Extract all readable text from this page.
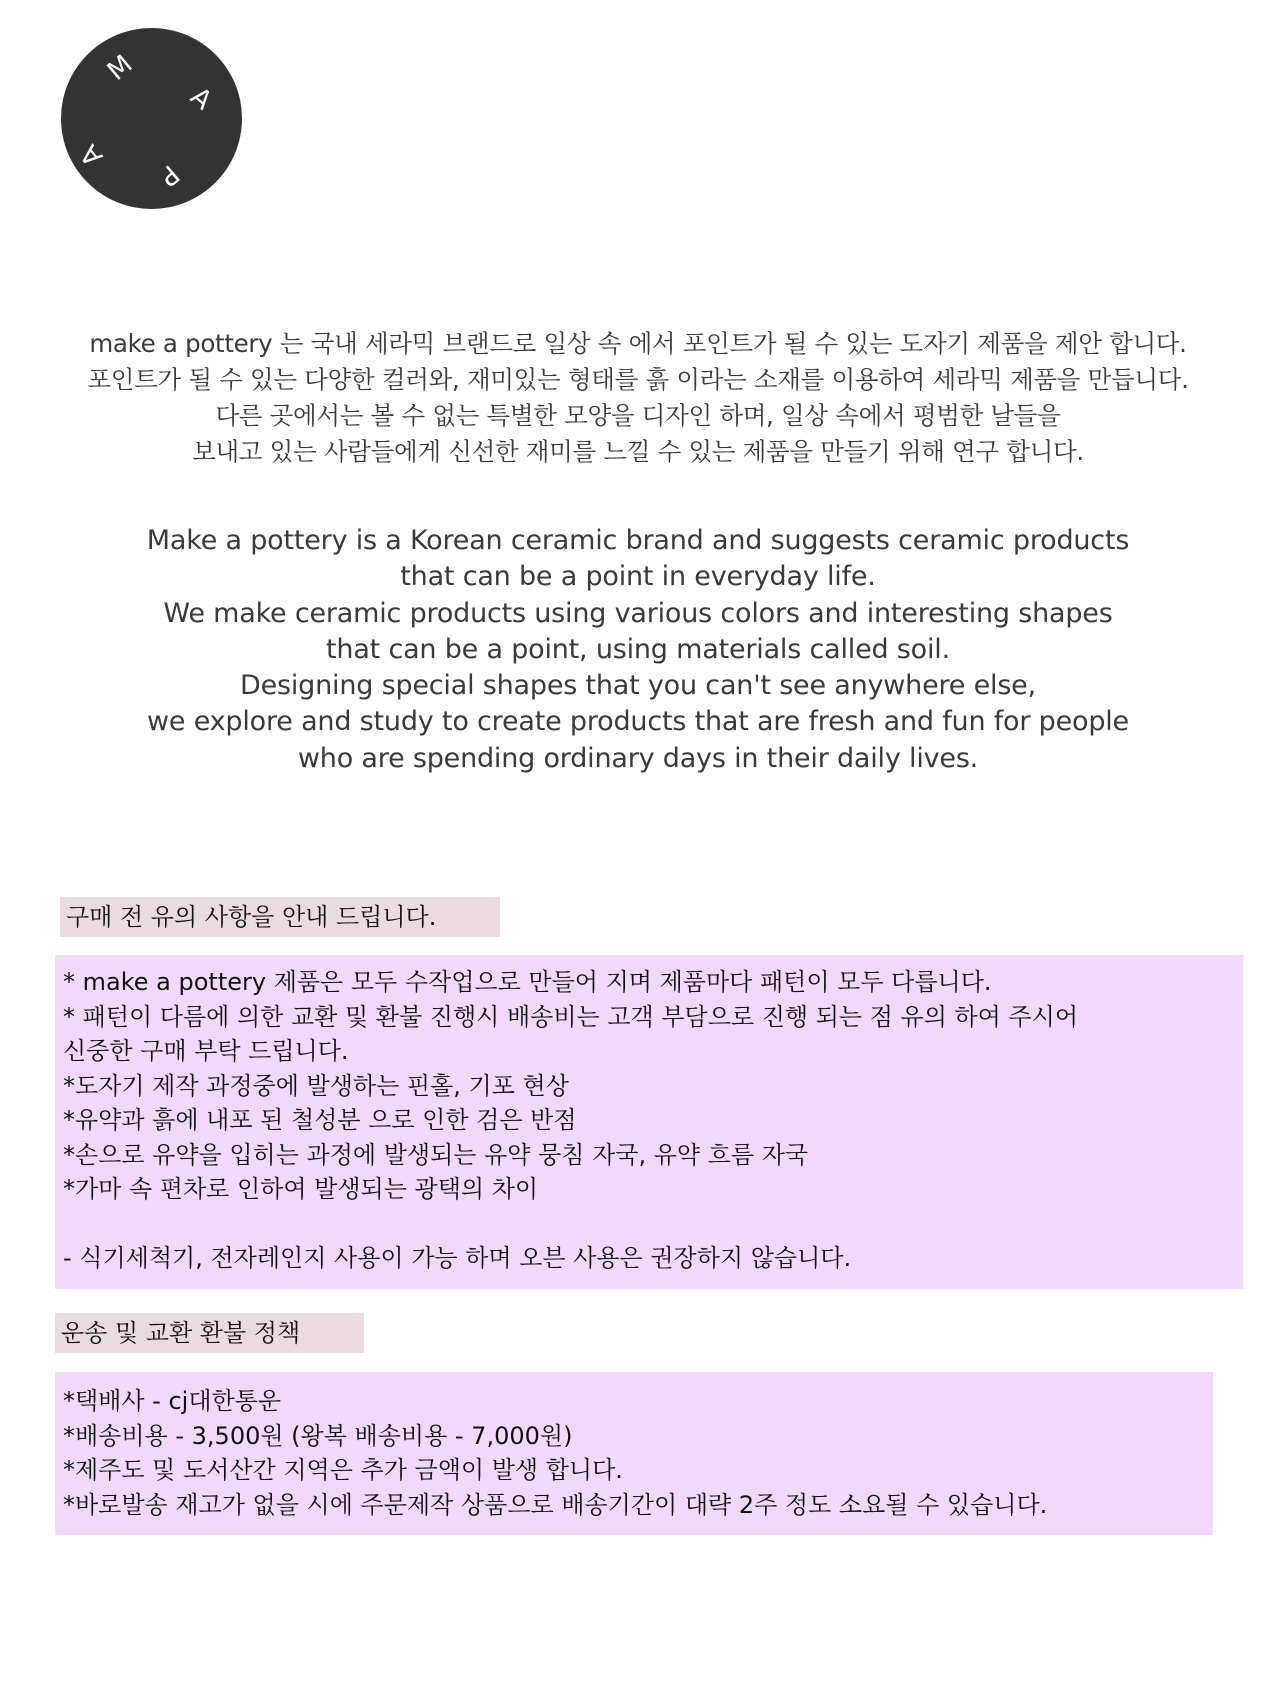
M
A
P
A
make a pottery 는 국내 세라믹 브랜드로 일상 속 에서 포인트가 될 수 있는 도자기 제품을 제안 합니다.
포인트가 될 수 있는 다양한 컬러와, 재미있는 형태를 흙 이라는 소재를 이용하여 세라믹 제품을 만듭니다.
다른 곳에서는 볼 수 없는 특별한 모양을 디자인 하며, 일상 속에서 평범한 날들을
보내고 있는 사람들에게 신선한 재미를 느낄 수 있는 제품을 만들기 위해 연구 합니다.
Make a pottery is a Korean ceramic brand and suggests ceramic products
that can be a point in everyday life.
We make ceramic products using various colors and interesting shapes
that can be a point, using materials called soil.
Designing special shapes that you can't see anywhere else,
we explore and study to create products that are fresh and fun for people
who are spending ordinary days in their daily lives.
구매 전 유의 사항을 안내 드립니다.
* make a pottery 제품은 모두 수작업으로 만들어 지며 제품마다 패턴이 모두 다릅니다.
* 패턴이 다름에 의한 교환 및 환불 진행시 배송비는 고객 부담으로 진행 되는 점 유의 하여 주시어
신중한 구매 부탁 드립니다.
*도자기 제작 과정중에 발생하는 핀홀, 기포 현상
*유약과 흙에 내포 된 철성분 으로 인한 검은 반점
*손으로 유약을 입히는 과정에 발생되는 유약 뭉침 자국, 유약 흐름 자국
*가마 속 편차로 인하여 발생되는 광택의 차이
- 식기세척기, 전자레인지 사용이 가능 하며 오븐 사용은 권장하지 않습니다.
운송 및 교환 환불 정책
*택배사 - cj대한통운
*배송비용 - 3,500원 (왕복 배송비용 - 7,000원)
*제주도 및 도서산간 지역은 추가 금액이 발생 합니다.
*바로발송 재고가 없을 시에 주문제작 상품으로 배송기간이 대략 2주 정도 소요될 수 있습니다.
